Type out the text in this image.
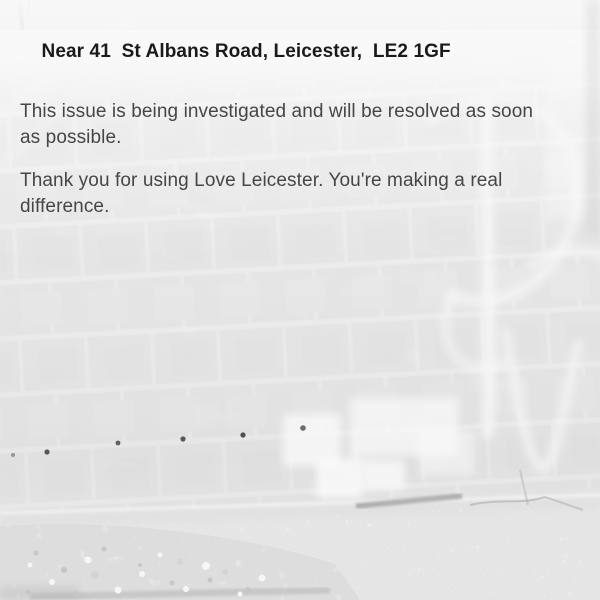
Near 41  St Albans Road, Leicester,  LE2 1GF

This issue is being investigated and will be resolved as soon
as possible.

Thank you for using Love Leicester. You're making a real
difference.
